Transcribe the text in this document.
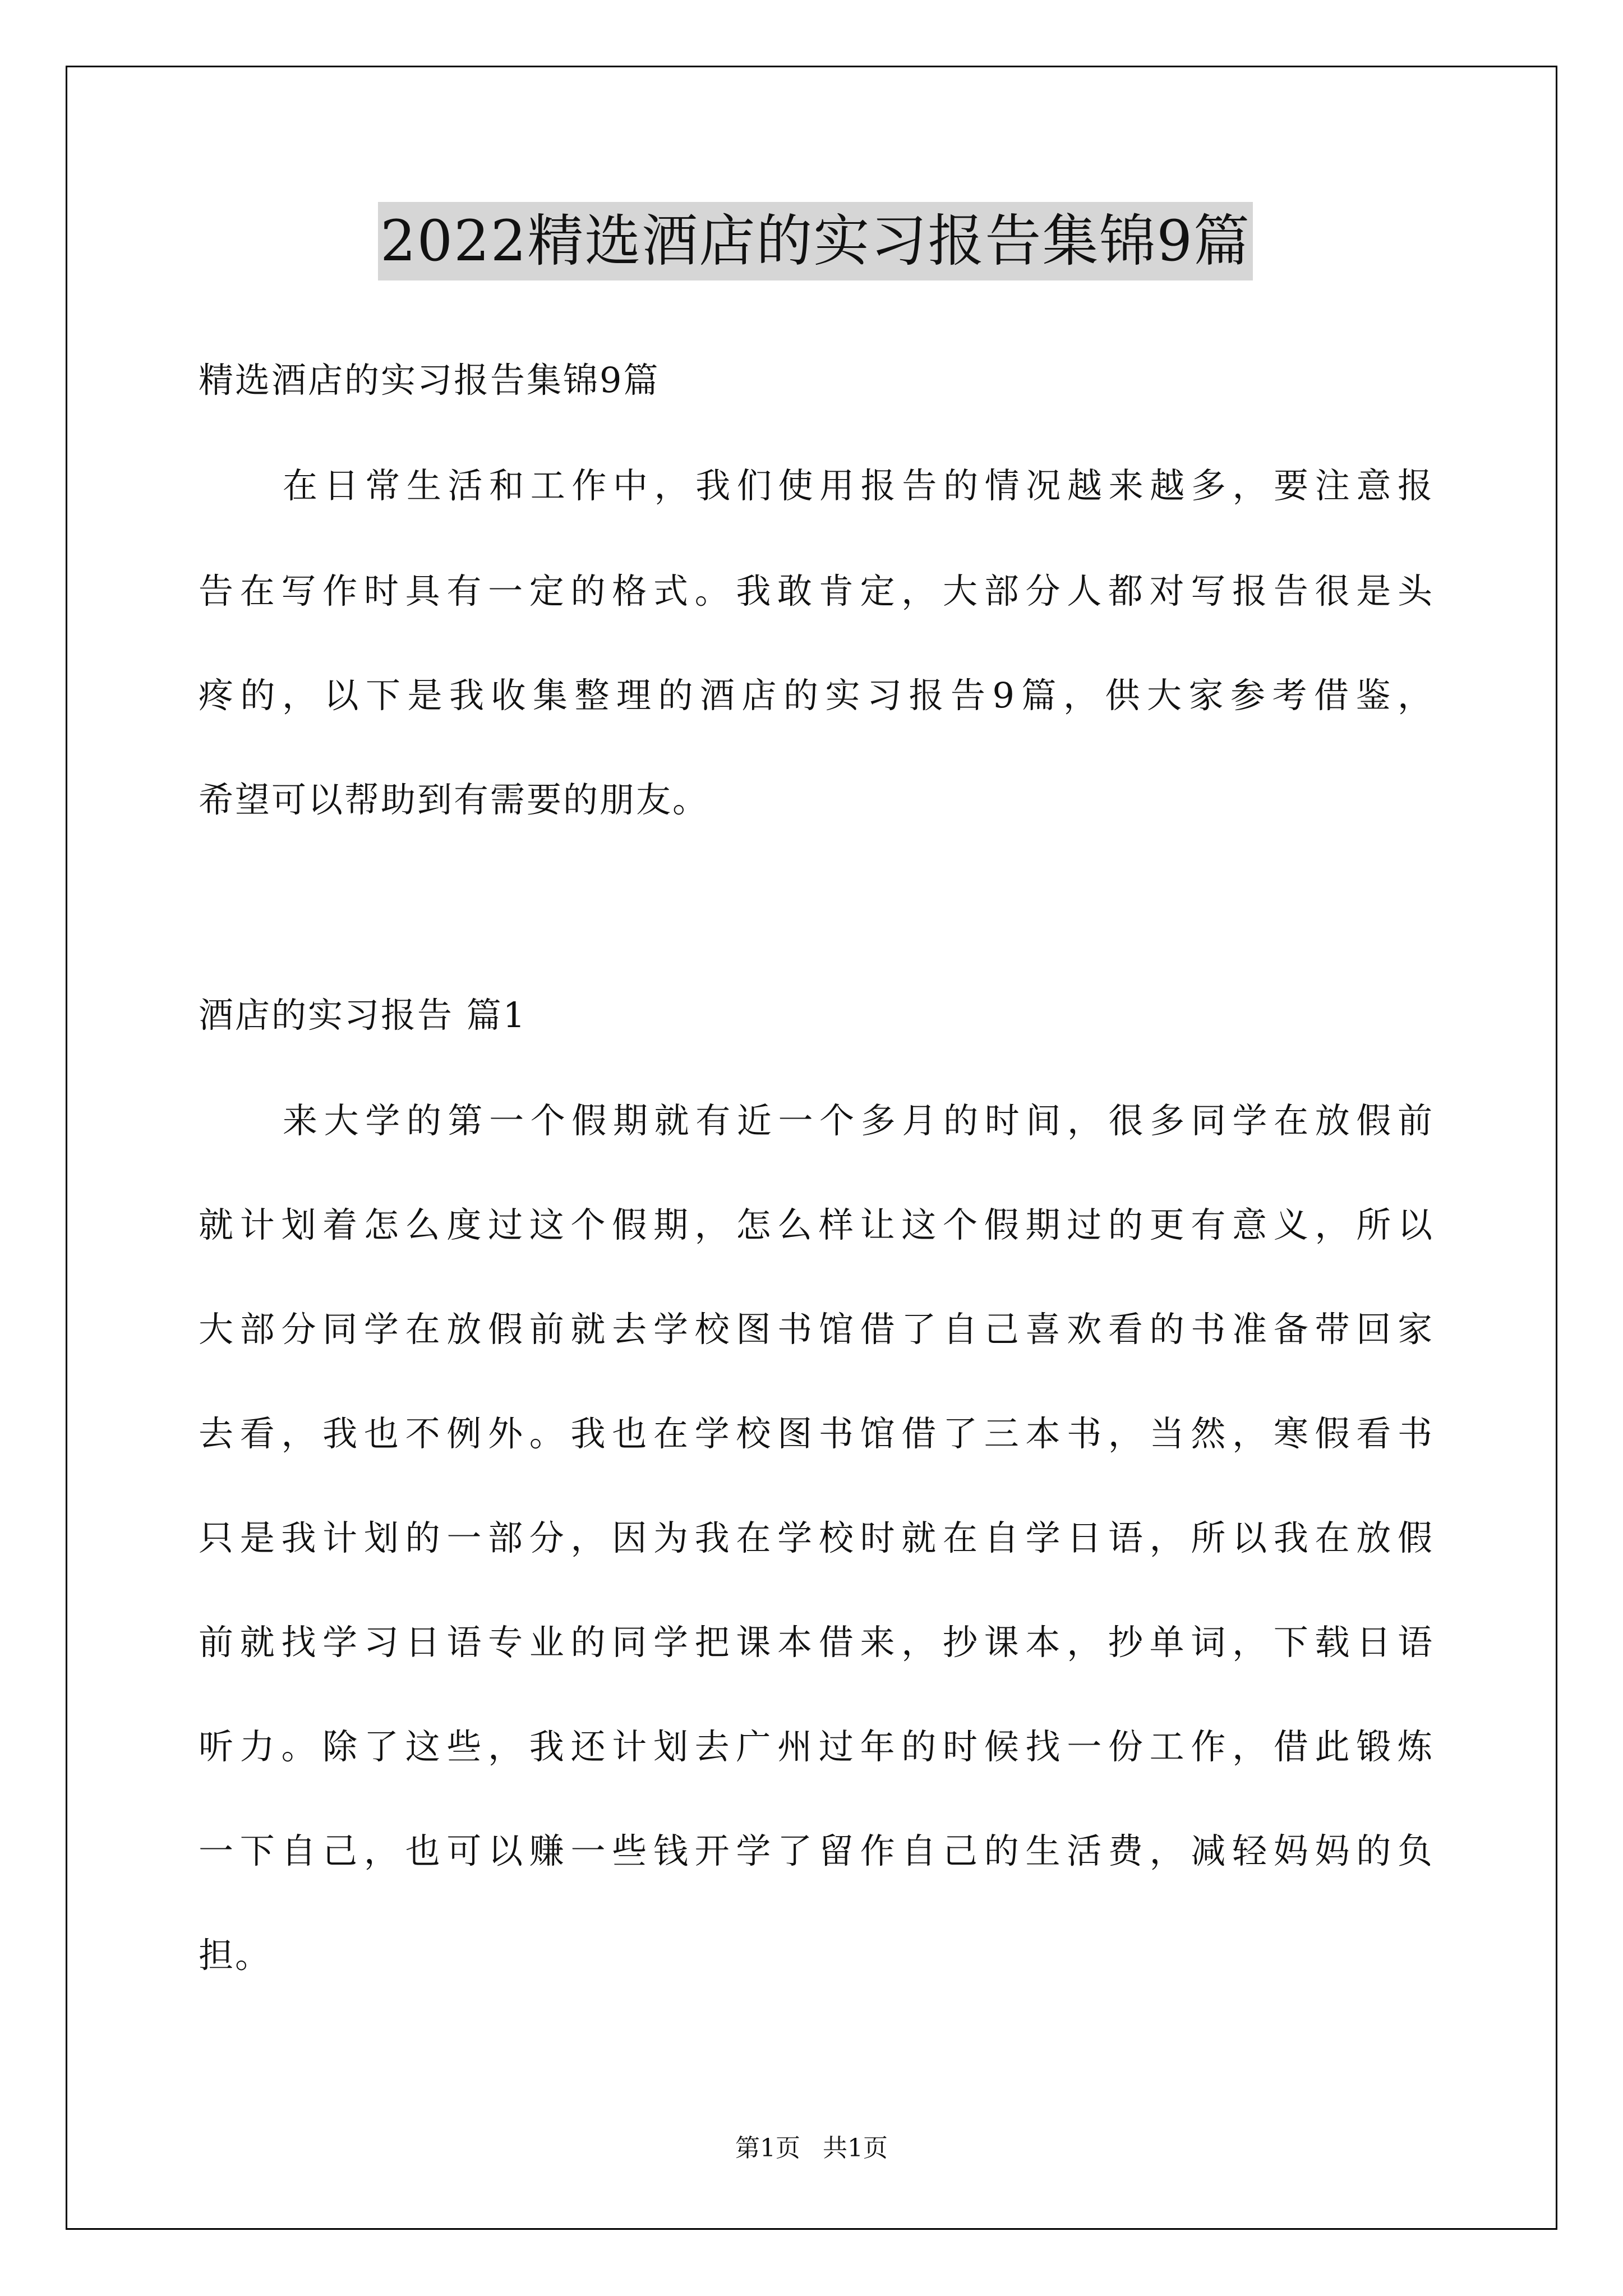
2022精选酒店的实习报告集锦9篇
精选酒店的实习报告集锦9篇
在日常生活和工作中，我们使用报告的情况越来越多，要注意报
告在写作时具有一定的格式。我敢肯定，大部分人都对写报告很是头
疼的，以下是我收集整理的酒店的实习报告9篇，供大家参考借鉴，
希望可以帮助到有需要的朋友。
酒店的实习报告 篇1
来大学的第一个假期就有近一个多月的时间，很多同学在放假前
就计划着怎么度过这个假期，怎么样让这个假期过的更有意义，所以
大部分同学在放假前就去学校图书馆借了自己喜欢看的书准备带回家
去看，我也不例外。我也在学校图书馆借了三本书，当然，寒假看书
只是我计划的一部分，因为我在学校时就在自学日语，所以我在放假
前就找学习日语专业的同学把课本借来，抄课本，抄单词，下载日语
听力。除了这些，我还计划去广州过年的时候找一份工作，借此锻炼
一下自己，也可以赚一些钱开学了留作自己的生活费，减轻妈妈的负
担。
第1页 共1页
